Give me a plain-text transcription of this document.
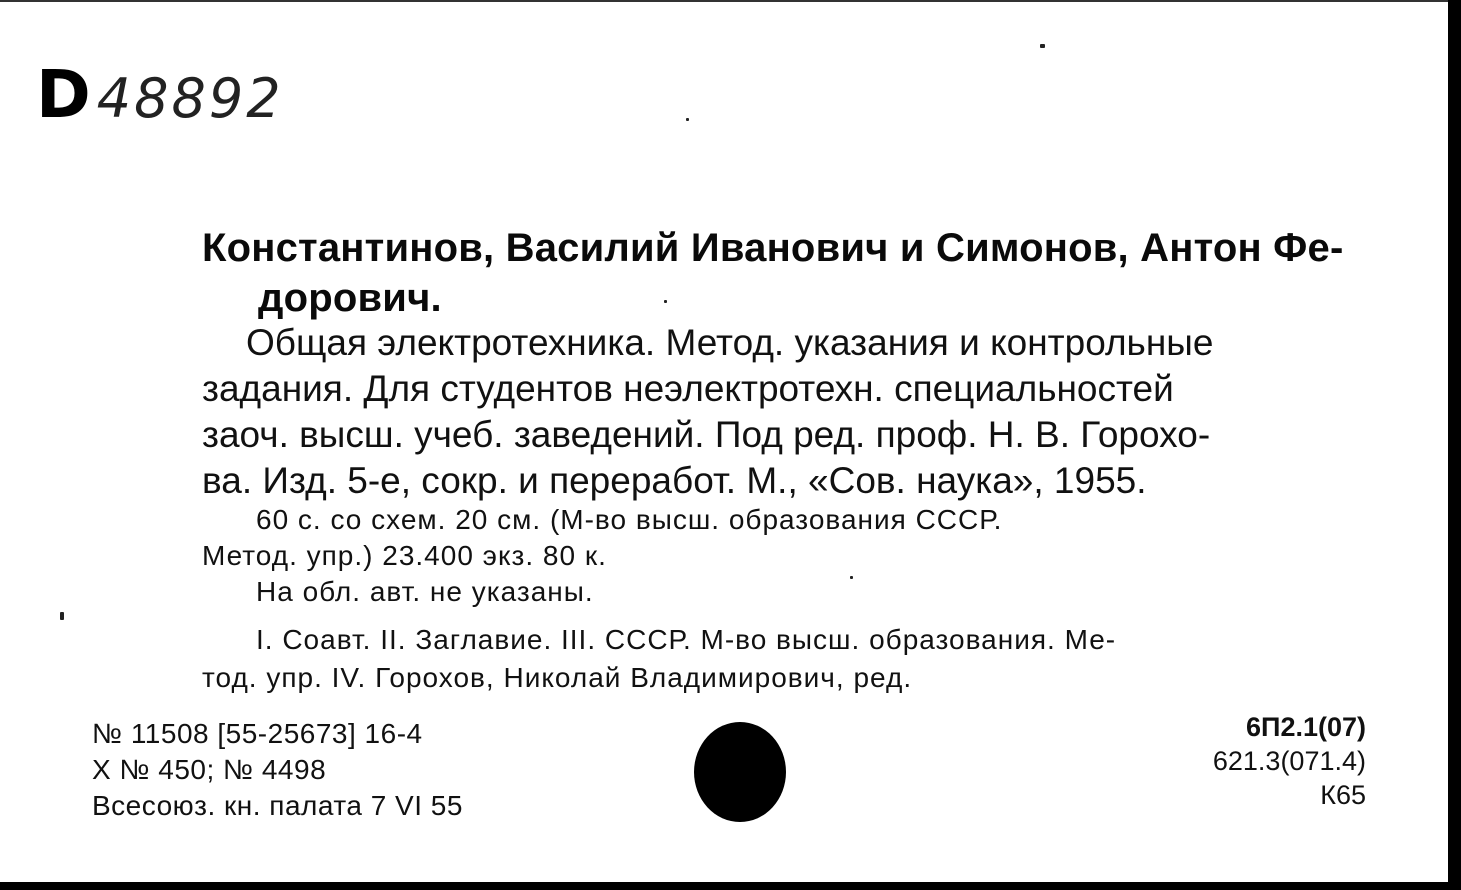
D 48892

Константинов, Василий Иванович и Симонов, Антон Фе-

дорович.

Общая электротехника. Метод. указания и контрольные

задания. Для студентов неэлектротехн. специальностей

заоч. высш. учеб. заведений. Под ред. проф. Н. В. Горохо-

ва. Изд. 5-е, сокр. и переработ. М., «Сов. наука», 1955.

60 с. со схем. 20 см. (М-во высш. образования СССР.

Метод. упр.) 23.400 экз. 80 к.

На обл. авт. не указаны.

I. Соавт. II. Заглавие. III. СССР. М-во высш. образования. Ме-

тод. упр. IV. Горохов, Николай Владимирович, ред.

№ 11508 [55-25673] 16-4

Х № 450; № 4498

Всесоюз. кн. палата 7 VI 55

6П2.1(07)

621.3(071.4)

К65
